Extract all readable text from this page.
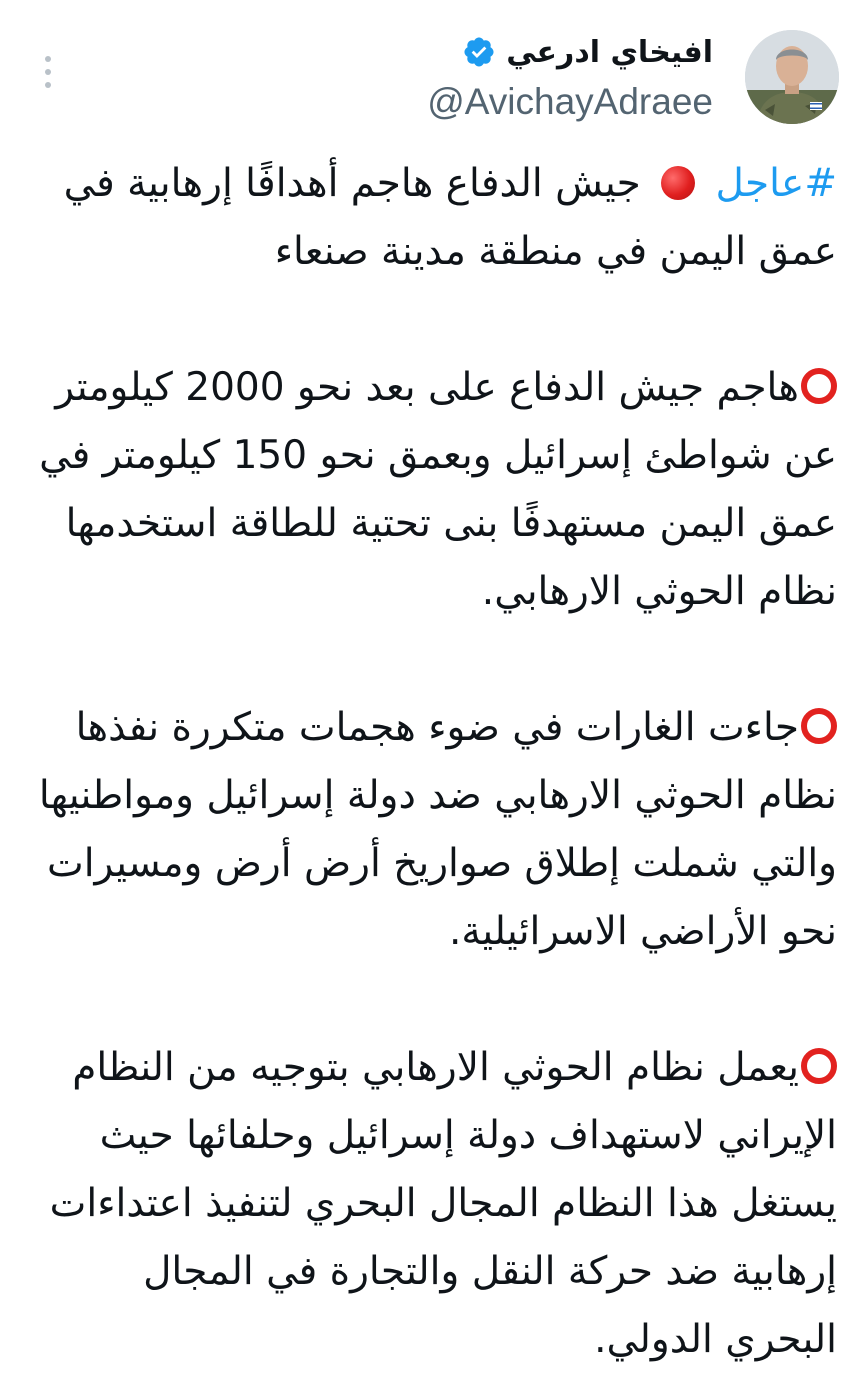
افيخاي ادرعي
@AvichayAdraee

#عاجل  جيش الدفاع هاجم أهدافًا إرهابية في عمق اليمن في منطقة مدينة صنعاء

هاجم جيش الدفاع على بعد نحو 2000 كيلومتر عن شواطئ إسرائيل وبعمق نحو 150 كيلومتر في عمق اليمن مستهدفًا بنى تحتية للطاقة استخدمها نظام الحوثي الارهابي.

جاءت الغارات في ضوء هجمات متكررة نفذها نظام الحوثي الارهابي ضد دولة إسرائيل ومواطنيها والتي شملت إطلاق صواريخ أرض أرض ومسيرات نحو الأراضي الاسرائيلية.

يعمل نظام الحوثي الارهابي بتوجيه من النظام الإيراني لاستهداف دولة إسرائيل وحلفائها حيث يستغل هذا النظام المجال البحري لتنفيذ اعتداءات إرهابية ضد حركة النقل والتجارة في المجال البحري الدولي.
